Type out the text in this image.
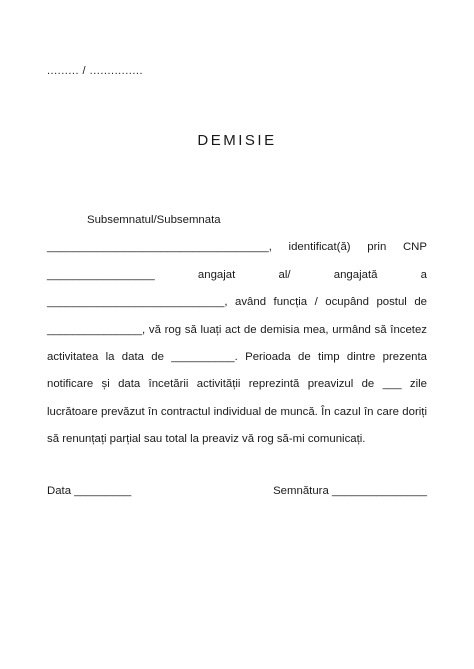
......... / ...............
DEMISIE
Subsemnatul/Subsemnata ___________________________________, identificat(ă) prin CNP _________________ angajat al/ angajată a ____________________________, având funcția / ocupând postul de _______________, vă rog să luați act de demisia mea, urmând să încetez activitatea la data de __________. Perioada de timp dintre prezenta notificare și data încetării activității reprezintă preavizul de ___ zile lucrătoare prevăzut în contractul individual de muncă. În cazul în care doriți să renunțați parțial sau total la preaviz vă rog să-mi comunicați.
Data _________	Semnătura _______________
